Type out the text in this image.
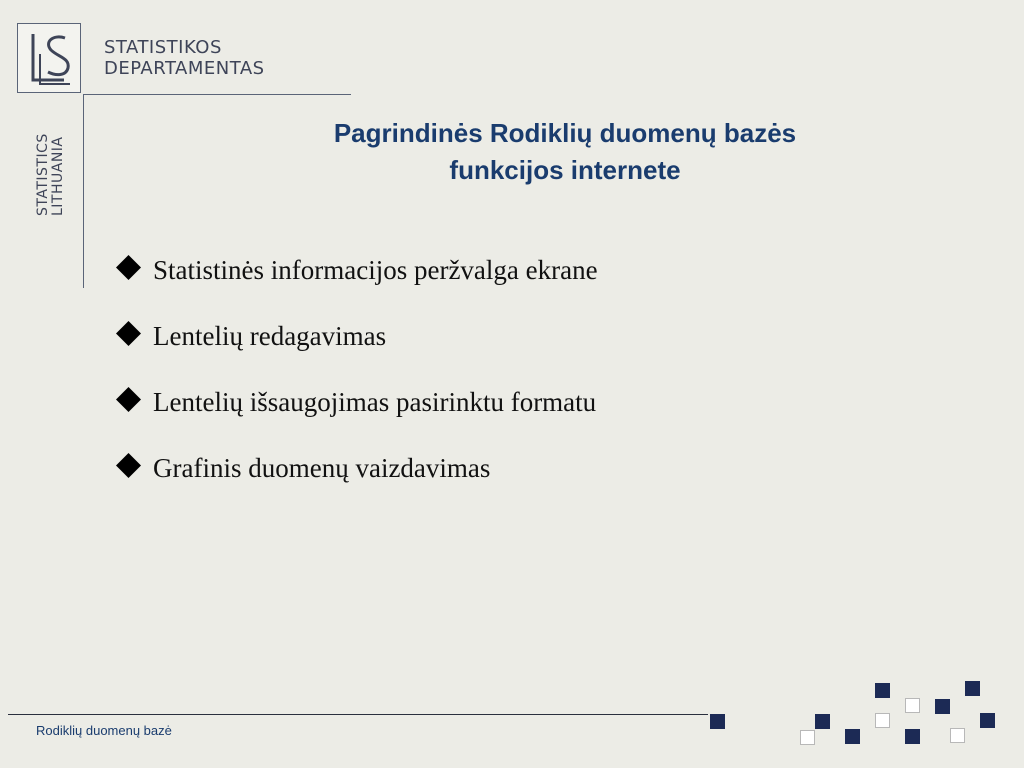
STATISTIKOS
DEPARTAMENTAS
STATISTICS LITHUANIA
Pagrindinės Rodiklių duomenų bazės
funkcijos internete
Statistinės informacijos peržvalga ekrane
Lentelių redagavimas
Lentelių išsaugojimas pasirinktu formatu
Grafinis duomenų vaizdavimas
Rodiklių duomenų bazė
